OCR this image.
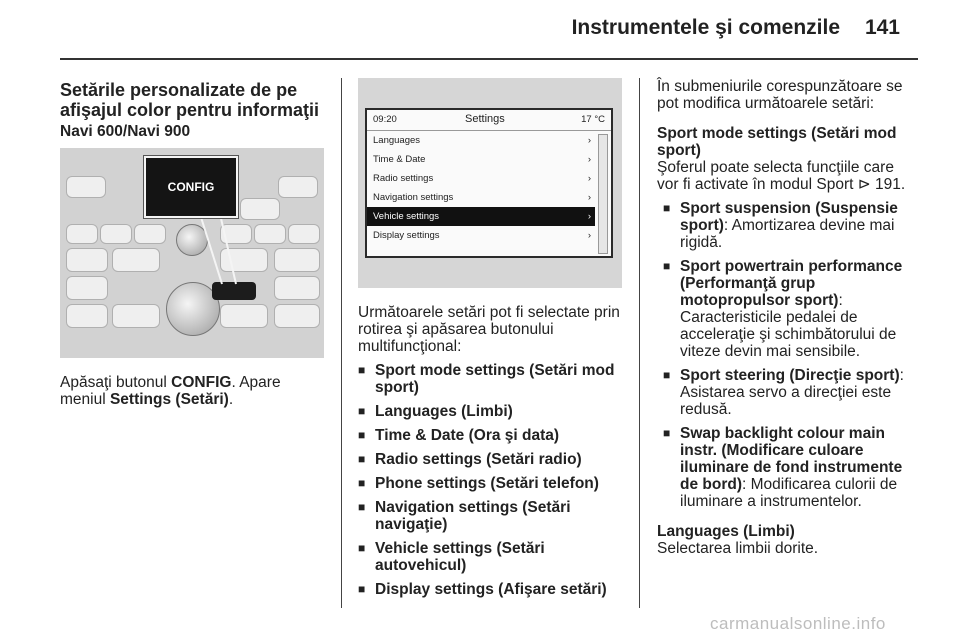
Instrumentele şi comenzile 141
Setările personalizate de pe
afişajul color pentru informaţii
Navi 600/Navi 900
CONFIG

Apăsaţi butonul CONFIG. Apare meniul Settings (Setări).

09:20	Settings	17 °C
Languages	›
Time & Date	›
Radio settings	›
Navigation settings	›
Vehicle settings	›
Display settings	›

Următoarele setări pot fi selectate prin rotirea şi apăsarea butonului multifuncţional:

■ Sport mode settings (Setări mod sport)
■ Languages (Limbi)
■ Time & Date (Ora şi data)
■ Radio settings (Setări radio)
■ Phone settings (Setări telefon)
■ Navigation settings (Setări navigaţie)
■ Vehicle settings (Setări autovehicul)
■ Display settings (Afişare setări)

În submeniurile corespunzătoare se pot modifica următoarele setări:

Sport mode settings (Setări mod sport)

Şoferul poate selecta funcţiile care vor fi activate în modul Sport ⊳ 191.

■ Sport suspension (Suspensie sport): Amortizarea devine mai rigidă.
■ Sport powertrain performance (Performanţă grup motopropulsor sport): Caracteristicile pedalei de acceleraţie şi schimbătorului de viteze devin mai sensibile.
■ Sport steering (Direcţie sport): Asistarea servo a direcţiei este redusă.
■ Swap backlight colour main instr. (Modificare culoare iluminare de fond instrumente de bord): Modificarea culorii de iluminare a instrumentelor.

Languages (Limbi)

Selectarea limbii dorite.

carmanualsonline.info
